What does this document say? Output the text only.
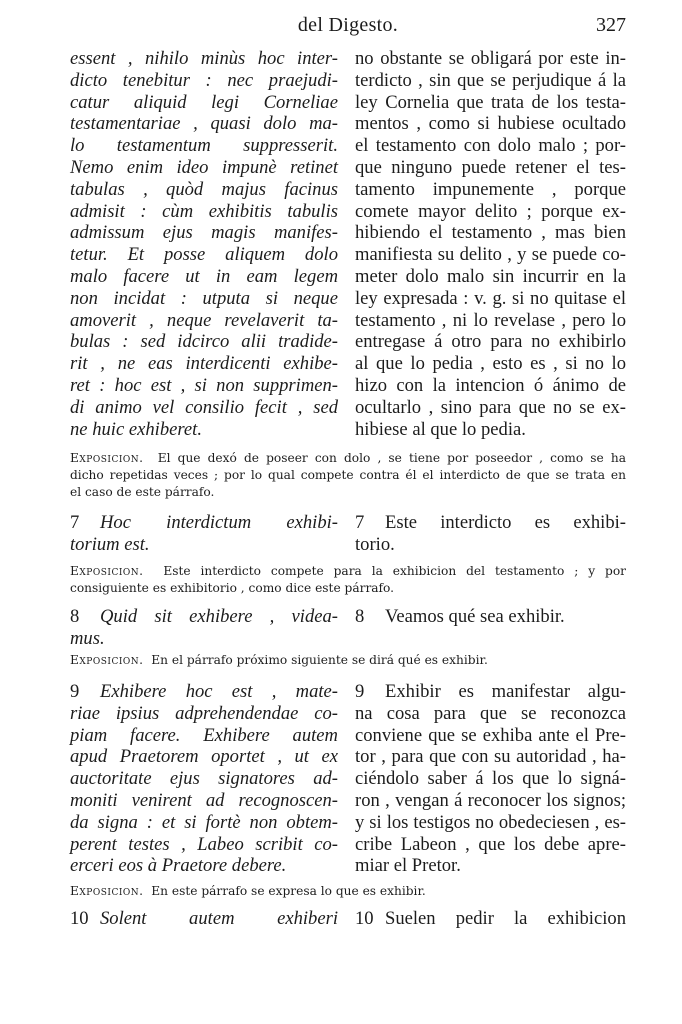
del Digesto.	327
essent , nihilo minùs hoc inter-
dicto tenebitur : nec praejudi-
catur aliquid legi Corneliae
testamentariae , quasi dolo ma-
lo testamentum suppresserit.
Nemo enim ideo impunè retinet
tabulas , quòd majus facinus
admisit : cùm exhibitis tabulis
admissum ejus magis manifes-
tetur. Et posse aliquem dolo
malo facere ut in eam legem
non incidat : utputa si neque
amoverit , neque revelaverit ta-
bulas : sed idcirco alii tradide-
rit , ne eas interdicenti exhibe-
ret : hoc est , si non supprimen-
di animo vel consilio fecit , sed
ne huic exhiberet.
no obstante se obligará por este in-
terdicto , sin que se perjudique á la
ley Cornelia que trata de los testa-
mentos , como si hubiese ocultado
el testamento con dolo malo ; por-
que ninguno puede retener el tes-
tamento impunemente , porque
comete mayor delito ; porque ex-
hibiendo el testamento , mas bien
manifiesta su delito , y se puede co-
meter dolo malo sin incurrir en la
ley expresada : v. g. si no quitase el
testamento , ni lo revelase , pero lo
entregase á otro para no exhibirlo
al que lo pedia , esto es , si no lo
hizo con la intencion ó ánimo de
ocultarlo , sino para que no se ex-
hibiese al que lo pedia.
Exposicion. El que dexó de poseer con dolo , se tiene por poseedor , como se ha
dicho repetidas veces ; por lo qual compete contra él el interdicto de que se trata en
el caso de este párrafo.
7 Hoc interdictum exhibi-
torium est.
7 Este interdicto es exhibi-
torio.
Exposicion. Este interdicto compete para la exhibicion del testamento ; y por
consiguiente es exhibitorio , como dice este párrafo.
8 Quid sit exhibere , videa-
mus.
8 Veamos qué sea exhibir.
Exposicion. En el párrafo próximo siguiente se dirá qué es exhibir.
9 Exhibere hoc est , mate-
riae ipsius adprehendendae co-
piam facere. Exhibere autem
apud Praetorem oportet , ut ex
auctoritate ejus signatores ad-
moniti venirent ad recognoscen-
da signa : et si fortè non obtem-
perent testes , Labeo scribit co-
erceri eos à Praetore debere.
9 Exhibir es manifestar algu-
na cosa para que se reconozca
conviene que se exhiba ante el Pre-
tor , para que con su autoridad , ha-
ciéndolo saber á los que lo signá-
ron , vengan á reconocer los signos;
y si los testigos no obedeciesen , es-
cribe Labeon , que los debe apre-
miar el Pretor.
Exposicion. En este párrafo se expresa lo que es exhibir.
10 Solent autem exhiberi 10 Suelen pedir la exhibicion
